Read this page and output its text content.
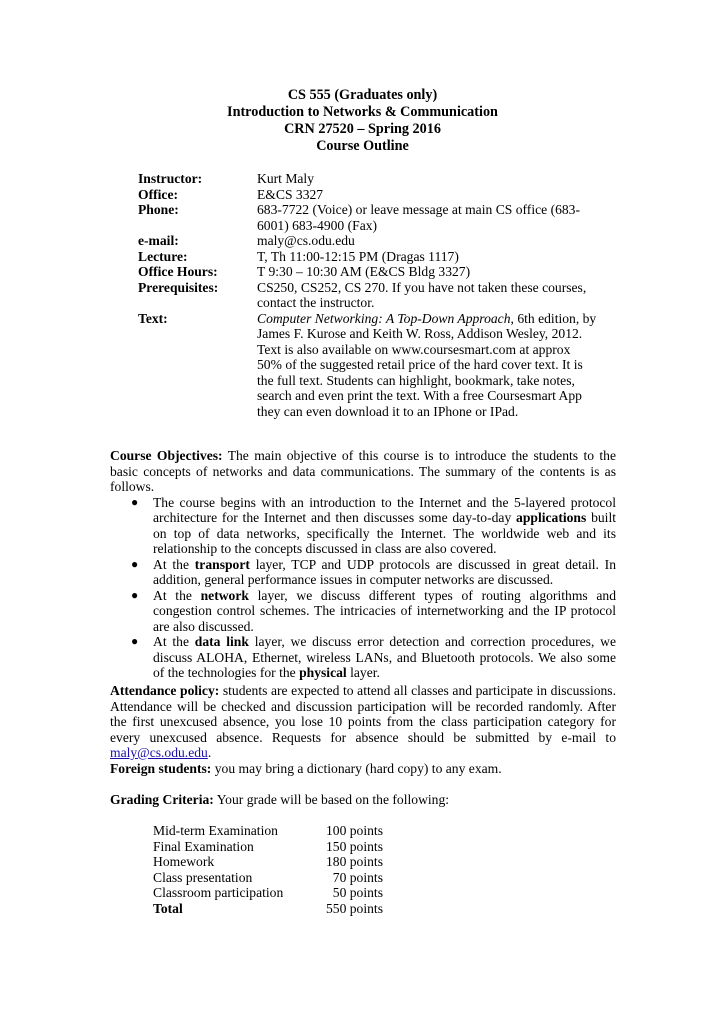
CS 555 (Graduates only)
Introduction to Networks & Communication
CRN 27520 – Spring 2016
Course Outline
Instructor:	Kurt Maly
Office:	E&CS 3327
Phone:	683-7722 (Voice) or leave message at main CS office (683-6001) 683-4900 (Fax)
e-mail:	maly@cs.odu.edu
Lecture:	T, Th 11:00-12:15 PM (Dragas 1117)
Office Hours:	T 9:30 – 10:30 AM (E&CS Bldg 3327)
Prerequisites:	CS250, CS252, CS 270. If you have not taken these courses, contact the instructor.
Text:	Computer Networking: A Top-Down Approach, 6th edition, by James F. Kurose and Keith W. Ross, Addison Wesley, 2012. Text is also available on www.coursesmart.com at approx 50% of the suggested retail price of the hard cover text. It is the full text. Students can highlight, bookmark, take notes, search and even print the text. With a free Coursesmart App they can even download it to an IPhone or IPad.
Course Objectives: The main objective of this course is to introduce the students to the basic concepts of networks and data communications. The summary of the contents is as follows.
● The course begins with an introduction to the Internet and the 5-layered protocol architecture for the Internet and then discusses some day-to-day applications built on top of data networks, specifically the Internet. The worldwide web and its relationship to the concepts discussed in class are also covered.
● At the transport layer, TCP and UDP protocols are discussed in great detail. In addition, general performance issues in computer networks are discussed.
● At the network layer, we discuss different types of routing algorithms and congestion control schemes. The intricacies of internetworking and the IP protocol are also discussed.
● At the data link layer, we discuss error detection and correction procedures, we discuss ALOHA, Ethernet, wireless LANs, and Bluetooth protocols. We also some of the technologies for the physical layer.
Attendance policy: students are expected to attend all classes and participate in discussions. Attendance will be checked and discussion participation will be recorded randomly. After the first unexcused absence, you lose 10 points from the class participation category for every unexcused absence. Requests for absence should be submitted by e-mail to maly@cs.odu.edu.
Foreign students: you may bring a dictionary (hard copy) to any exam.
Grading Criteria: Your grade will be based on the following:
Mid-term Examination	100 points
Final Examination	150 points
Homework	180 points
Class presentation	70 points
Classroom participation	50 points
Total	550 points
